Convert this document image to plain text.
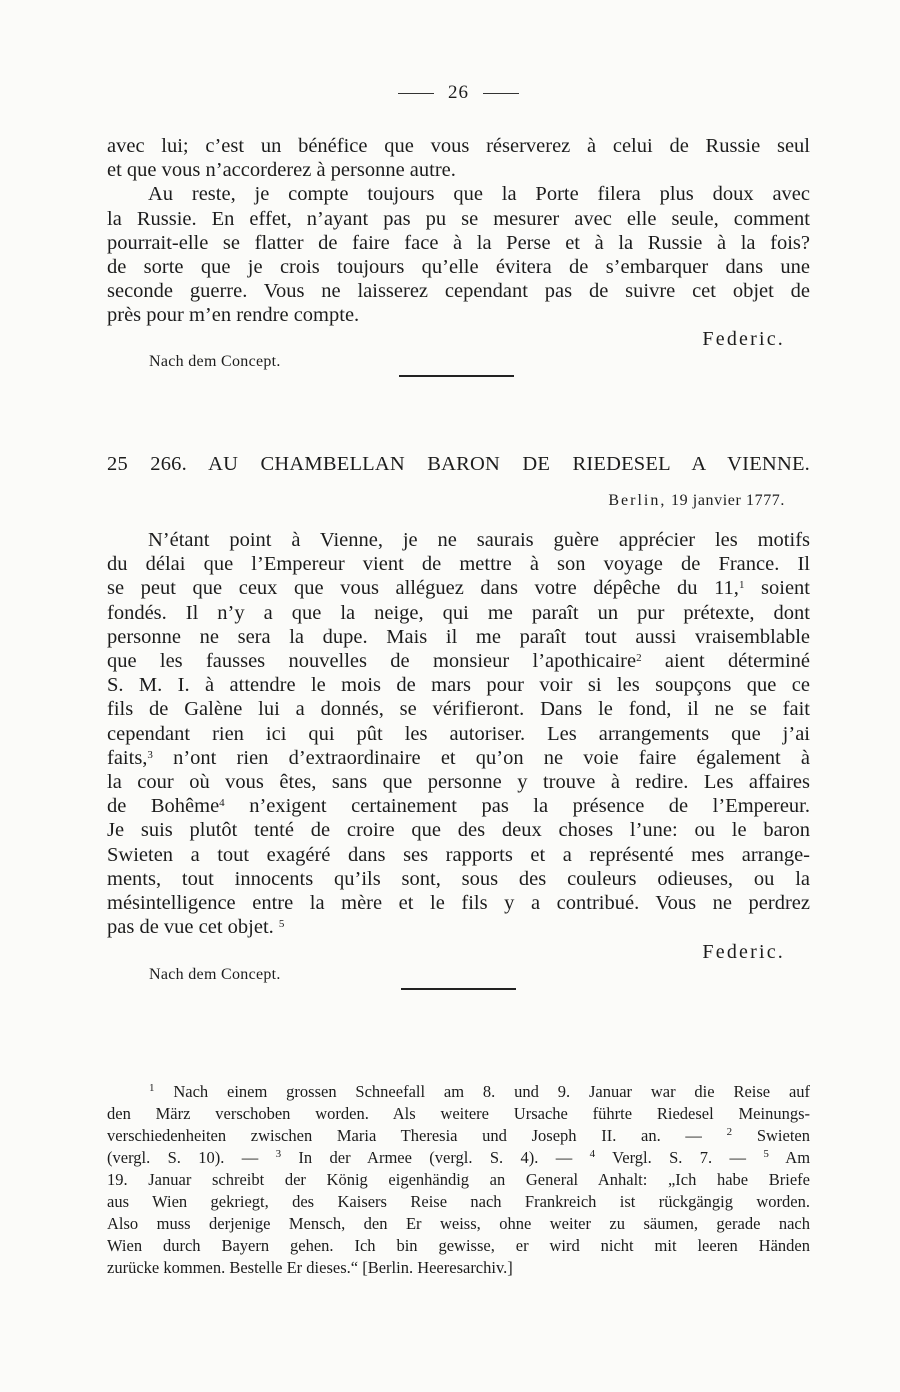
26

avec lui; c’est un bénéfice que vous réserverez à celui de Russie seul

et que vous n’accorderez à personne autre.

Au reste, je compte toujours que la Porte filera plus doux avec

la Russie. En effet, n’ayant pas pu se mesurer avec elle seule, comment

pourrait-elle se flatter de faire face à la Perse et à la Russie à la fois?

de sorte que je crois toujours qu’elle évitera de s’embarquer dans une

seconde guerre. Vous ne laisserez cependant pas de suivre cet objet de

près pour m’en rendre compte.

Federic.
Nach dem Concept.
25 266. AU CHAMBELLAN BARON DE RIEDESEL A VIENNE.
Berlin, 19 janvier 1777.

N’étant point à Vienne, je ne saurais guère apprécier les motifs

du délai que l’Empereur vient de mettre à son voyage de France. Il

se peut que ceux que vous alléguez dans votre dépêche du 11,$^1$ soient

fondés. Il n’y a que la neige, qui me paraît un pur prétexte, dont

personne ne sera la dupe. Mais il me paraît tout aussi vraisemblable

que les fausses nouvelles de monsieur l’apothicaire$^2$ aient déterminé

S. M. I. à attendre le mois de mars pour voir si les soupçons que ce

fils de Galène lui a donnés, se vérifieront. Dans le fond, il ne se fait

cependant rien ici qui pût les autoriser. Les arrangements que j’ai

faits,$^3$ n’ont rien d’extraordinaire et qu’on ne voie faire également à

la cour où vous êtes, sans que personne y trouve à redire. Les affaires

de Bohême$^4$ n’exigent certainement pas la présence de l’Empereur.

Je suis plutôt tenté de croire que des deux choses l’une: ou le baron

Swieten a tout exagéré dans ses rapports et a représenté mes arrange-

ments, tout innocents qu’ils sont, sous des couleurs odieuses, ou la

mésintelligence entre la mère et le fils y a contribué. Vous ne perdrez

pas de vue cet objet. $^5$

Federic.
Nach dem Concept.

$^1$ Nach einem grossen Schneefall am 8. und 9. Januar war die Reise auf

den März verschoben worden. Als weitere Ursache führte Riedesel Meinungs-

verschiedenheiten zwischen Maria Theresia und Joseph II. an. — $^2$ Swieten

(vergl. S. 10). — $^3$ In der Armee (vergl. S. 4). — $^4$ Vergl. S. 7. — $^5$ Am

19. Januar schreibt der König eigenhändig an General Anhalt: „Ich habe Briefe

aus Wien gekriegt, des Kaisers Reise nach Frankreich ist rückgängig worden.

Also muss derjenige Mensch, den Er weiss, ohne weiter zu säumen, gerade nach

Wien durch Bayern gehen. Ich bin gewisse, er wird nicht mit leeren Händen

zurücke kommen. Bestelle Er dieses.“ [Berlin. Heeresarchiv.]
